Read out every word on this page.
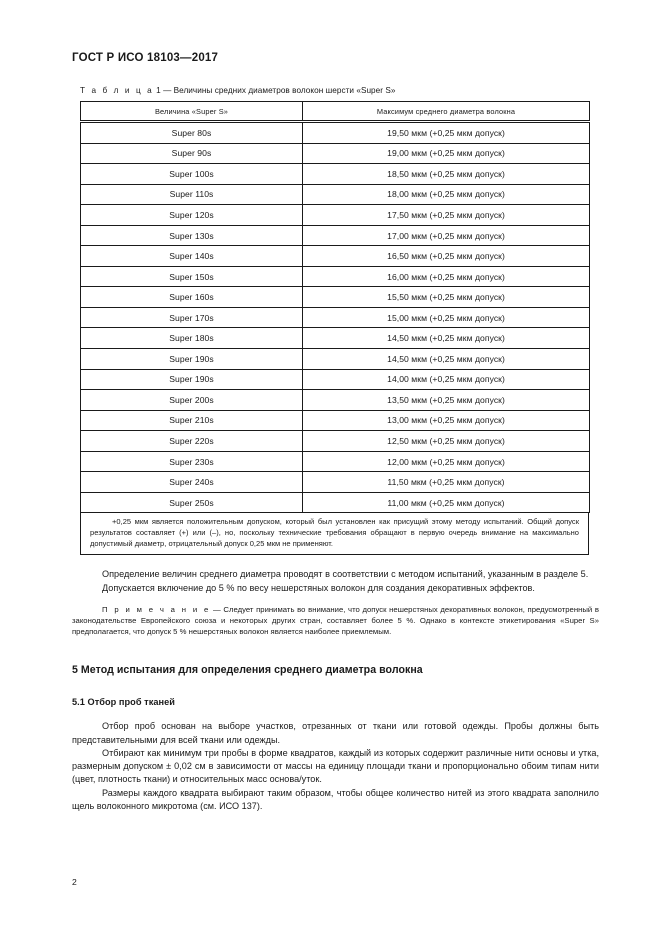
ГОСТ Р ИСО 18103—2017
Т а б л и ц а 1 — Величины средних диаметров волокон шерсти «Super S»
Величина «Super S»	Максимум среднего диаметра волокна
Super 80s	19,50 мкм (+0,25 мкм допуск)
Super 90s	19,00 мкм (+0,25 мкм допуск)
Super 100s	18,50 мкм (+0,25 мкм допуск)
Super 110s	18,00 мкм (+0,25 мкм допуск)
Super 120s	17,50 мкм (+0,25 мкм допуск)
Super 130s	17,00 мкм (+0,25 мкм допуск)
Super 140s	16,50 мкм (+0,25 мкм допуск)
Super 150s	16,00 мкм (+0,25 мкм допуск)
Super 160s	15,50 мкм (+0,25 мкм допуск)
Super 170s	15,00 мкм (+0,25 мкм допуск)
Super 180s	14,50 мкм (+0,25 мкм допуск)
Super 190s	14,50 мкм (+0,25 мкм допуск)
Super 190s	14,00 мкм (+0,25 мкм допуск)
Super 200s	13,50 мкм (+0,25 мкм допуск)
Super 210s	13,00 мкм (+0,25 мкм допуск)
Super 220s	12,50 мкм (+0,25 мкм допуск)
Super 230s	12,00 мкм (+0,25 мкм допуск)
Super 240s	11,50 мкм (+0,25 мкм допуск)
Super 250s	11,00 мкм (+0,25 мкм допуск)
+0,25 мкм является положительным допуском, который был установлен как присущий этому методу испытаний. Общий допуск результатов составляет (+) или (–), но, поскольку технические требования обращают в первую очередь внимание на максимально допустимый диаметр, отрицательный допуск 0,25 мкм не применяют.

Определение величин среднего диаметра проводят в соответствии с методом испытаний, указанным в разделе 5.

Допускается включение до 5 % по весу нешерстяных волокон для создания декоративных эффектов.

П р и м е ч а н и е — Следует принимать во внимание, что допуск нешерстяных декоративных волокон, предусмотренный в законодательстве Европейского союза и некоторых других стран, составляет более 5 %. Однако в контексте этикетирования «Super S» предполагается, что допуск 5 % нешерстяных волокон является наиболее приемлемым.

5 Метод испытания для определения среднего диаметра волокна
5.1 Отбор проб тканей

Отбор проб основан на выборе участков, отрезанных от ткани или готовой одежды. Пробы должны быть представительными для всей ткани или одежды.

Отбирают как минимум три пробы в форме квадратов, каждый из которых содержит различные нити основы и утка, размерным допуском ± 0,02 см в зависимости от массы на единицу площади ткани и пропорционально обоим типам нити (цвет, плотность ткани) и относительных масс основа/уток.

Размеры каждого квадрата выбирают таким образом, чтобы общее количество нитей из этого квадрата заполнило щель волоконного микротома (см. ИСО 137).

2
